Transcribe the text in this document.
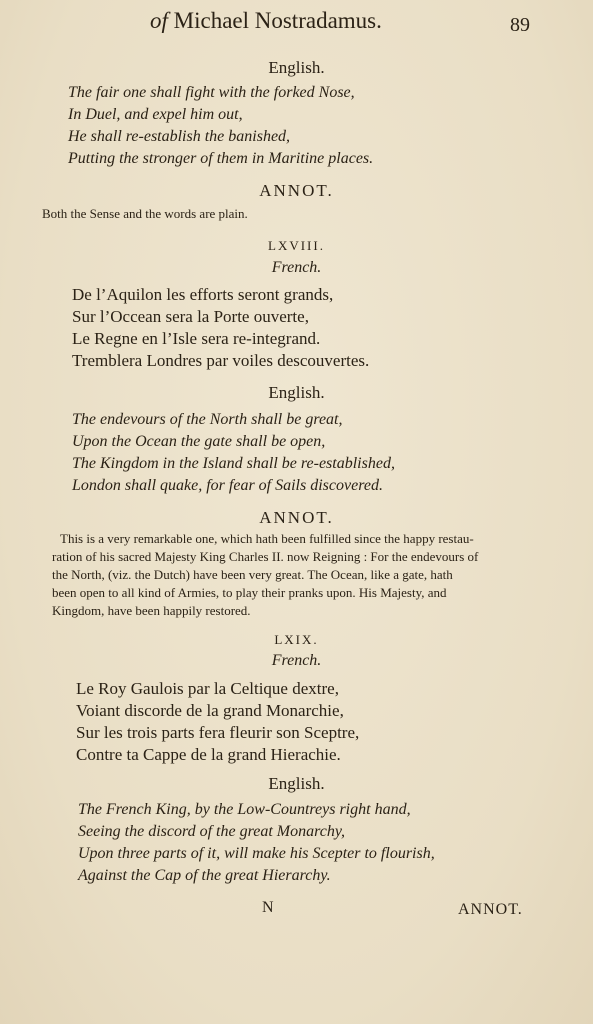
of Michael Nostradamus.	89
English.
The fair one shall fight with the forked Nose,
In Duel, and expel him out,
He shall re-establish the banished,
Putting the stronger of them in Maritine places.
ANNOT.
Both the Sense and the words are plain.
LXVIII.
French.
De l’Aquilon les efforts seront grands,
Sur l’Occean sera la Porte ouverte,
Le Regne en l’Isle sera re-integrand.
Tremblera Londres par voiles descouvertes.
English.
The endevours of the North shall be great,
Upon the Ocean the gate shall be open,
The Kingdom in the Island shall be re-established,
London shall quake, for fear of Sails discovered.
ANNOT.
This is a very remarkable one, which hath been fulfilled since the happy restau-
ration of his sacred Majesty King Charles II. now Reigning : For the endevours of
the North, (viz. the Dutch) have been very great. The Ocean, like a gate, hath
been open to all kind of Armies, to play their pranks upon. His Majesty, and
Kingdom, have been happily restored.
LXIX.
French.
Le Roy Gaulois par la Celtique dextre,
Voiant discorde de la grand Monarchie,
Sur les trois parts fera fleurir son Sceptre,
Contre ta Cappe de la grand Hierachie.
English.
The French King, by the Low-Countreys right hand,
Seeing the discord of the great Monarchy,
Upon three parts of it, will make his Scepter to flourish,
Against the Cap of the great Hierarchy.
N	ANNOT.
